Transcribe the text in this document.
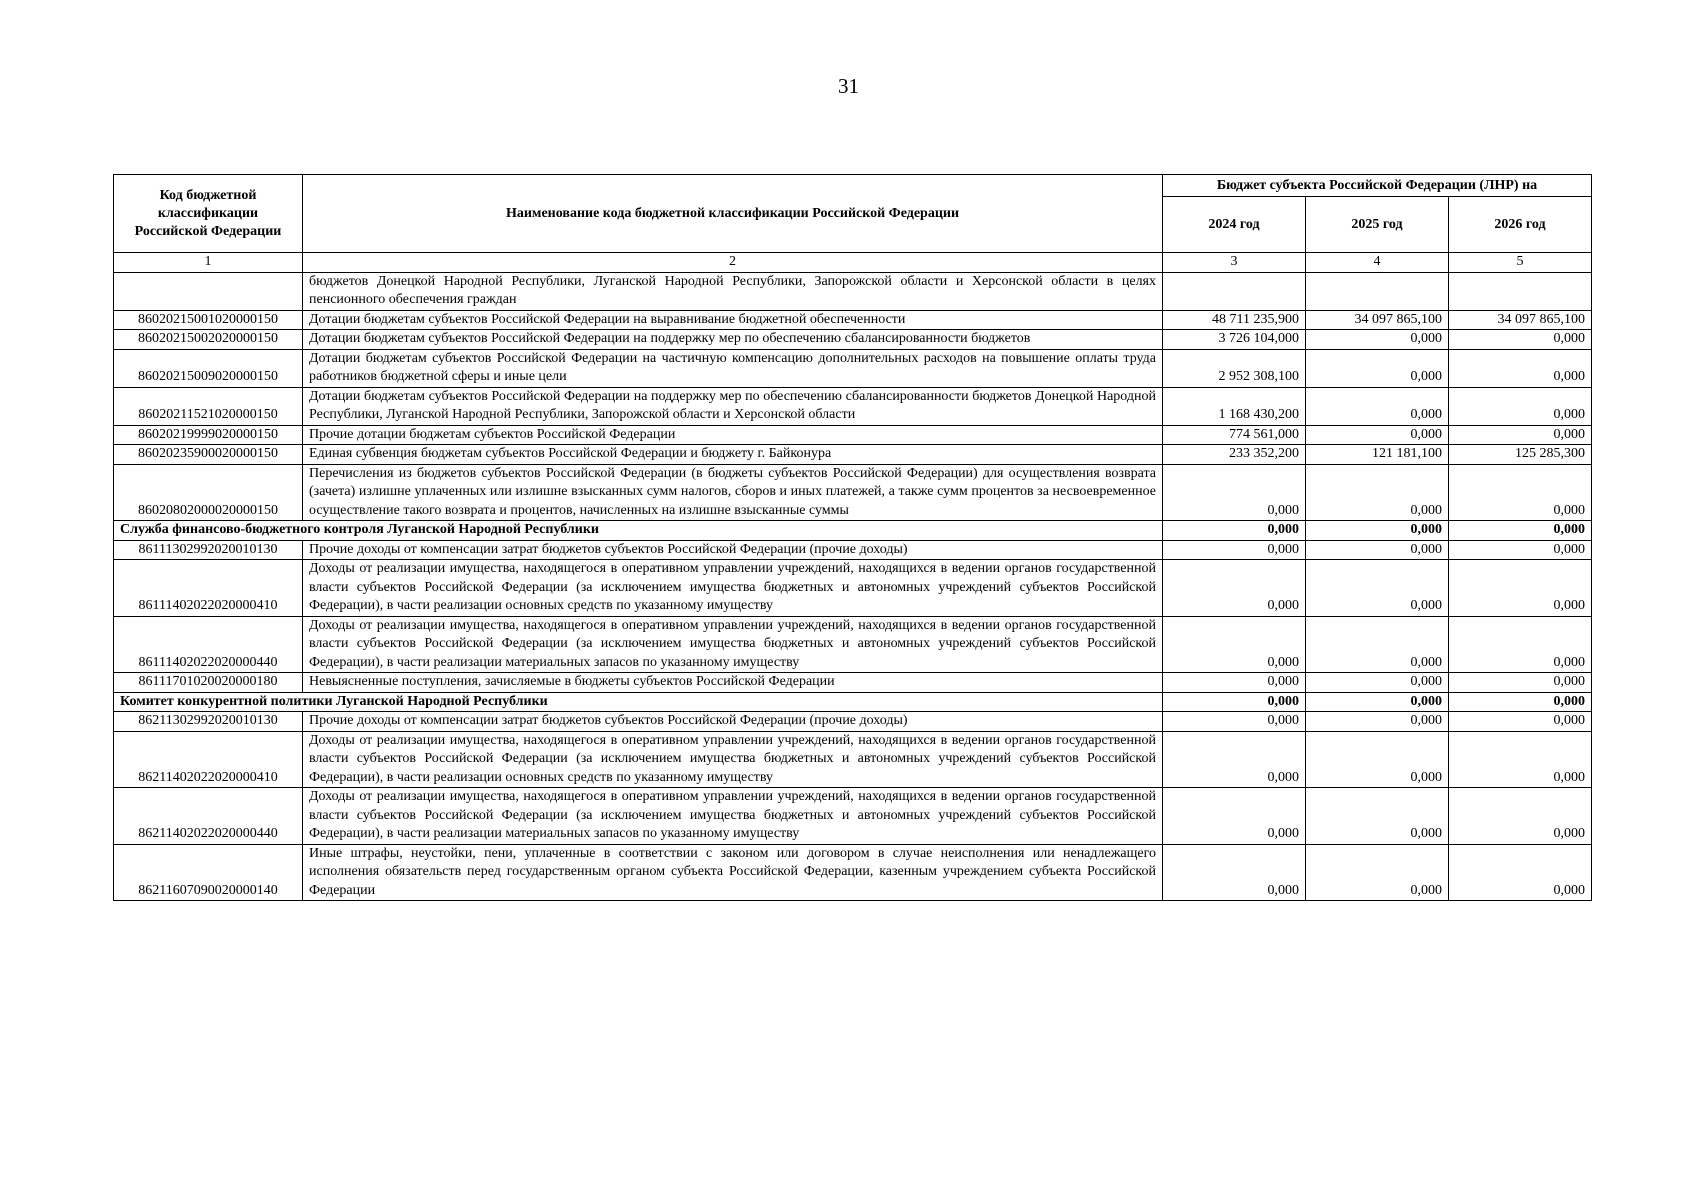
31
Код бюджетной классификации Российской Федерации	Наименование кода бюджетной классификации Российской Федерации	Бюджет субъекта Российской Федерации (ЛНР) на		
		2024 год	2025 год	2026 год
1	2	3	4	5
	бюджетов Донецкой Народной Республики, Луганской Народной Республики, Запорожской области и Херсонской области в целях пенсионного обеспечения граждан			
86020215001020000150	Дотации бюджетам субъектов Российской Федерации на выравнивание бюджетной обеспеченности	48 711 235,900	34 097 865,100	34 097 865,100
86020215002020000150	Дотации бюджетам субъектов Российской Федерации на поддержку мер по обеспечению сбалансированности бюджетов	3 726 104,000	0,000	0,000
86020215009020000150	Дотации бюджетам субъектов Российской Федерации на частичную компенсацию дополнительных расходов на повышение оплаты труда работников бюджетной сферы и иные цели	2 952 308,100	0,000	0,000
86020211521020000150	Дотации бюджетам субъектов Российской Федерации на поддержку мер по обеспечению сбалансированности бюджетов Донецкой Народной Республики, Луганской Народной Республики, Запорожской области и Херсонской области	1 168 430,200	0,000	0,000
86020219999020000150	Прочие дотации бюджетам субъектов Российской Федерации	774 561,000	0,000	0,000
86020235900020000150	Единая субвенция бюджетам субъектов Российской Федерации и бюджету г. Байконура	233 352,200	121 181,100	125 285,300
86020802000020000150	Перечисления из бюджетов субъектов Российской Федерации (в бюджеты субъектов Российской Федерации) для осуществления возврата (зачета) излишне уплаченных или излишне взысканных сумм налогов, сборов и иных платежей, а также сумм процентов за несвоевременное осуществление такого возврата и процентов, начисленных на излишне взысканные суммы	0,000	0,000	0,000
Служба финансово-бюджетного контроля Луганской Народной Республики		0,000	0,000	0,000
86111302992020010130	Прочие доходы от компенсации затрат бюджетов субъектов Российской Федерации (прочие доходы)	0,000	0,000	0,000
86111402022020000410	Доходы от реализации имущества, находящегося в оперативном управлении учреждений, находящихся в ведении органов государственной власти субъектов Российской Федерации (за исключением имущества бюджетных и автономных учреждений субъектов Российской Федерации), в части реализации основных средств по указанному имуществу	0,000	0,000	0,000
86111402022020000440	Доходы от реализации имущества, находящегося в оперативном управлении учреждений, находящихся в ведении органов государственной власти субъектов Российской Федерации (за исключением имущества бюджетных и автономных учреждений субъектов Российской Федерации), в части реализации материальных запасов по указанному имуществу	0,000	0,000	0,000
86111701020020000180	Невыясненные поступления, зачисляемые в бюджеты субъектов Российской Федерации	0,000	0,000	0,000
Комитет конкурентной политики Луганской Народной Республики		0,000	0,000	0,000
86211302992020010130	Прочие доходы от компенсации затрат бюджетов субъектов Российской Федерации (прочие доходы)	0,000	0,000	0,000
86211402022020000410	Доходы от реализации имущества, находящегося в оперативном управлении учреждений, находящихся в ведении органов государственной власти субъектов Российской Федерации (за исключением имущества бюджетных и автономных учреждений субъектов Российской Федерации), в части реализации основных средств по указанному имуществу	0,000	0,000	0,000
86211402022020000440	Доходы от реализации имущества, находящегося в оперативном управлении учреждений, находящихся в ведении органов государственной власти субъектов Российской Федерации (за исключением имущества бюджетных и автономных учреждений субъектов Российской Федерации), в части реализации материальных запасов по указанному имуществу	0,000	0,000	0,000
86211607090020000140	Иные штрафы, неустойки, пени, уплаченные в соответствии с законом или договором в случае неисполнения или ненадлежащего исполнения обязательств перед государственным органом субъекта Российской Федерации, казенным учреждением субъекта Российской Федерации	0,000	0,000	0,000
